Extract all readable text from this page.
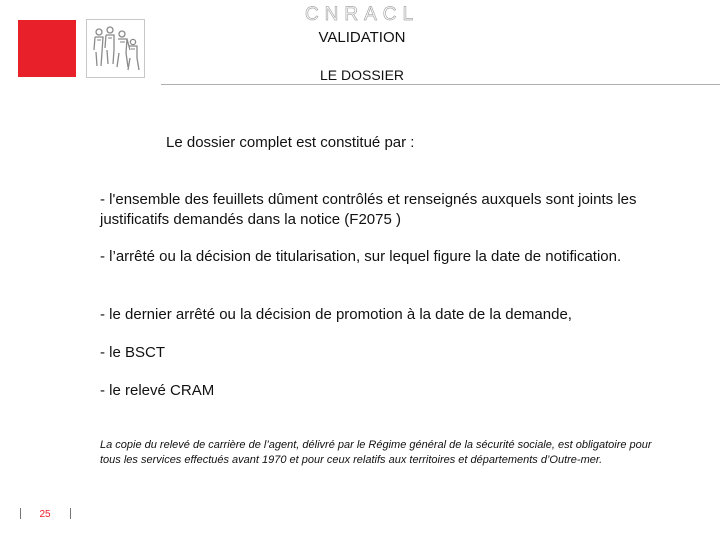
CNRACL
VALIDATION
LE DOSSIER
Le dossier complet est constitué par :
- l'ensemble des feuillets dûment contrôlés et renseignés auxquels sont joints les justificatifs demandés dans la notice (F2075 )
- l’arrêté ou la décision de titularisation, sur lequel figure la date de notification.
- le dernier arrêté ou la décision de promotion à la date de la demande,
- le BSCT
- le relevé CRAM
La copie du relevé de carrière de l’agent, délivré par le Régime général de la sécurité sociale, est obligatoire pour tous les services effectués avant 1970 et pour ceux relatifs aux territoires et départements d’Outre-mer.
25
